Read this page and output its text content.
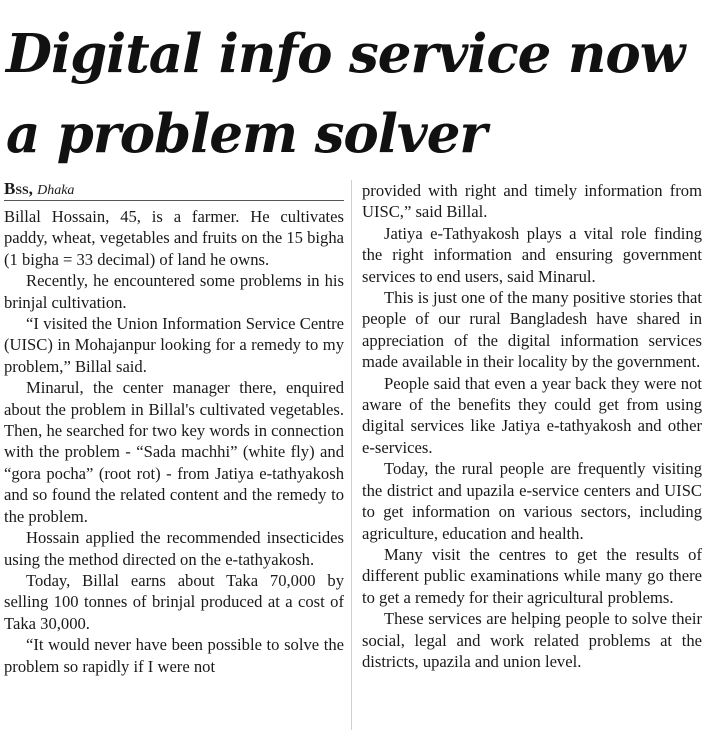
Digital info service now
a problem solver
Bss, Dhaka

Billal Hossain, 45, is a farmer. He cultivates paddy, wheat, vegetables and fruits on the 15 bigha (1 bigha = 33 decimal) of land he owns.

Recently, he encountered some problems in his brinjal cultivation.

“I visited the Union Information Service Centre (UISC) in Mohajanpur looking for a remedy to my problem,” Billal said.

Minarul, the center manager there, enquired about the problem in Billal's cultivated vegetables. Then, he searched for two key words in connection with the problem - “Sada machhi” (white fly) and “gora pocha” (root rot) - from Jatiya e-tathyakosh and so found the related content and the remedy to the problem.

Hossain applied the recommended insecticides using the method directed on the e-tathyakosh.

Today, Billal earns about Taka 70,000 by selling 100 tonnes of brinjal produced at a cost of Taka 30,000.

“It would never have been possible to solve the problem so rapidly if I were not

provided with right and timely information from UISC,” said Billal.

Jatiya e-Tathyakosh plays a vital role finding the right information and ensuring government services to end users, said Minarul.

This is just one of the many positive stories that people of our rural Bangladesh have shared in appreciation of the digital information services made available in their locality by the government.

People said that even a year back they were not aware of the benefits they could get from using digital services like Jatiya e-tathyakosh and other e-services.

Today, the rural people are frequently visiting the district and upazila e-service centers and UISC to get information on various sectors, including agriculture, education and health.

Many visit the centres to get the results of different public examinations while many go there to get a remedy for their agricultural problems.

These services are helping people to solve their social, legal and work related problems at the districts, upazila and union level.
